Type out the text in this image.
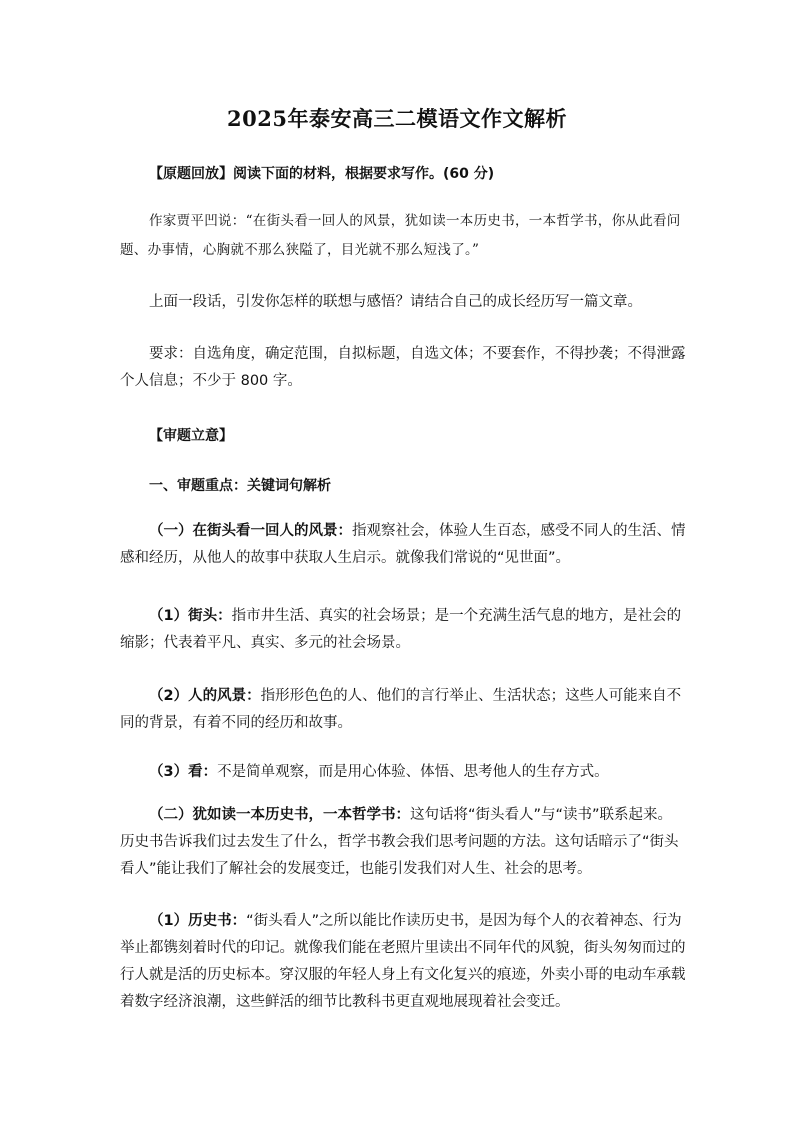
2025年泰安高三二模语文作文解析
【原题回放】阅读下面的材料，根据要求写作。(60 分)

作家贾平凹说：“在街头看一回人的风景，犹如读一本历史书，一本哲学书，你从此看问题、办事情，心胸就不那么狭隘了，目光就不那么短浅了。”

上面一段话，引发你怎样的联想与感悟？请结合自己的成长经历写一篇文章。

要求：自选角度，确定范围，自拟标题，自选文体；不要套作，不得抄袭；不得泄露个人信息；不少于 800 字。

【审题立意】
一、审题重点：关键词句解析

（一）在街头看一回人的风景：指观察社会，体验人生百态，感受不同人的生活、情感和经历，从他人的故事中获取人生启示。就像我们常说的“见世面”。

（1）街头：指市井生活、真实的社会场景；是一个充满生活气息的地方，是社会的缩影；代表着平凡、真实、多元的社会场景。

（2）人的风景：指形形色色的人、他们的言行举止、生活状态；这些人可能来自不同的背景，有着不同的经历和故事。

（3）看：不是简单观察，而是用心体验、体悟、思考他人的生存方式。

（二）犹如读一本历史书，一本哲学书：这句话将“街头看人”与“读书”联系起来。历史书告诉我们过去发生了什么，哲学书教会我们思考问题的方法。这句话暗示了“街头看人”能让我们了解社会的发展变迁，也能引发我们对人生、社会的思考。

（1）历史书：“街头看人”之所以能比作读历史书，是因为每个人的衣着神态、行为举止都镌刻着时代的印记。就像我们能在老照片里读出不同年代的风貌，街头匆匆而过的行人就是活的历史标本。穿汉服的年轻人身上有文化复兴的痕迹，外卖小哥的电动车承载着数字经济浪潮，这些鲜活的细节比教科书更直观地展现着社会变迁。
